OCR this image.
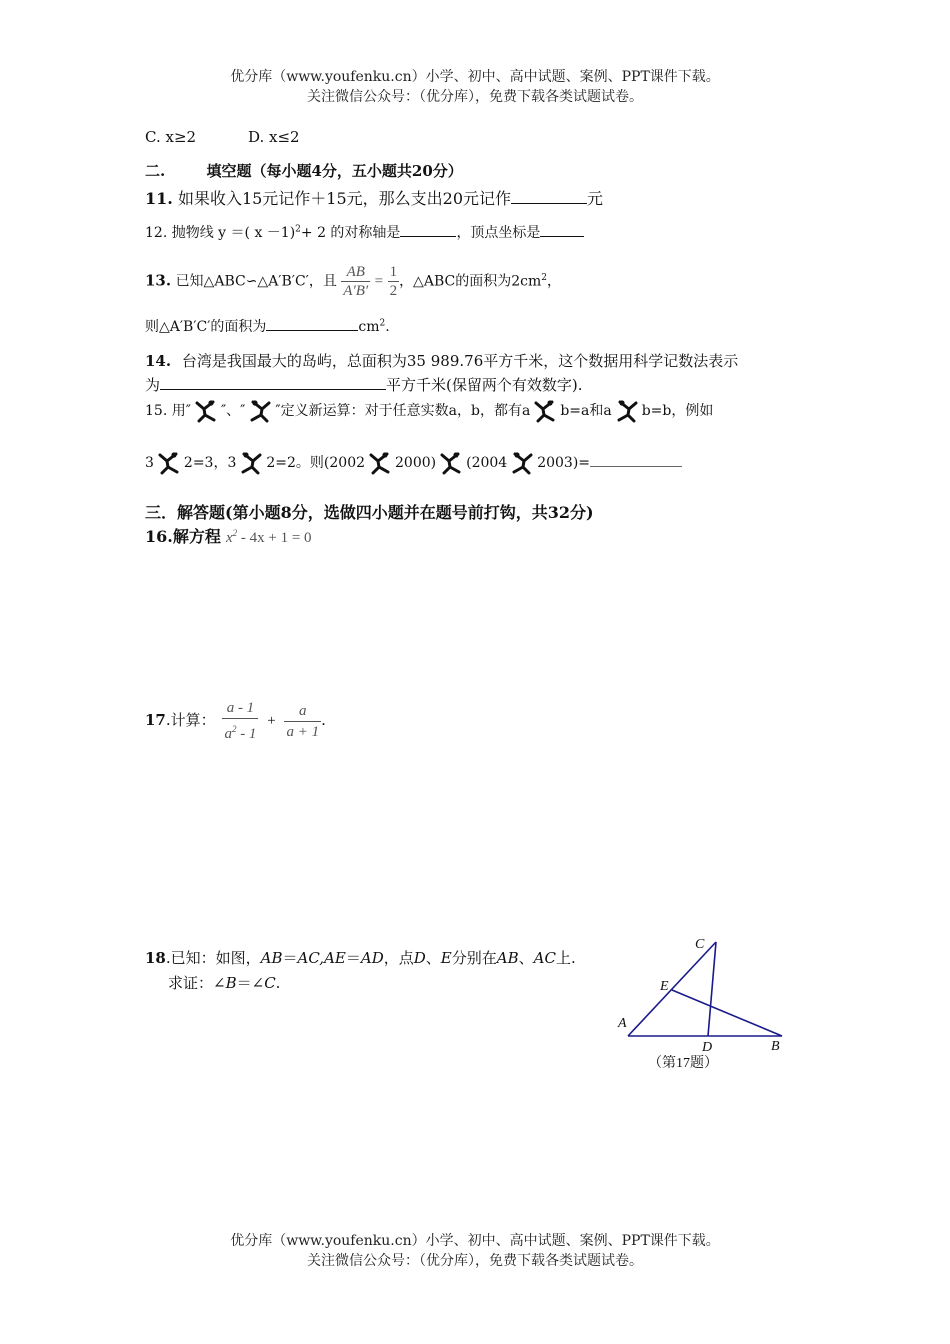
优分库（www.youfenku.cn）小学、初中、高中试题、案例、PPT课件下载。
关注微信公众号：（优分库），免费下载各类试题试卷。
C. x≥2	D. x≤2
二.	填空题（每小题4分，五小题共20分）
11. 如果收入15元记作＋15元，那么支出20元记作	元
12. 抛物线 y ＝( x －1)$^2$+ 2 的对称轴是	，顶点坐标是
13. 已知△ABC∽△A′B′C′，且 $\frac{AB}{A'B'} = \frac{1}{2}$ ，△ABC的面积为$2cm^2$，
则△A′B′C′的面积为	$cm^2$.
14. 台湾是我国最大的岛屿，总面积为35 989.76平方千米，这个数据用科学记数法表示
为	平方千米(保留两个有效数字).
15. 用″ ″、″ ″定义新运算：对于任意实数a，b，都有a b=a和a b=b，例如
3 2=3，3 2=2。则(2002 2000) (2004 2003)=
三．解答题(第小题8分，选做四小题并在题号前打钩，共32分)
16.解方程 $x^2 - 4x + 1 = 0$
17.计算： $\frac{a - 1}{a^2 - 1} + \frac{a}{a + 1}$ .
18.已知：如图，AB＝AC,AE＝AD，点D、E分别在AB、AC上.
求证：∠B＝∠C.
C
E
A
D	B
（第17题）
优分库（www.youfenku.cn）小学、初中、高中试题、案例、PPT课件下载。
关注微信公众号：（优分库），免费下载各类试题试卷。
